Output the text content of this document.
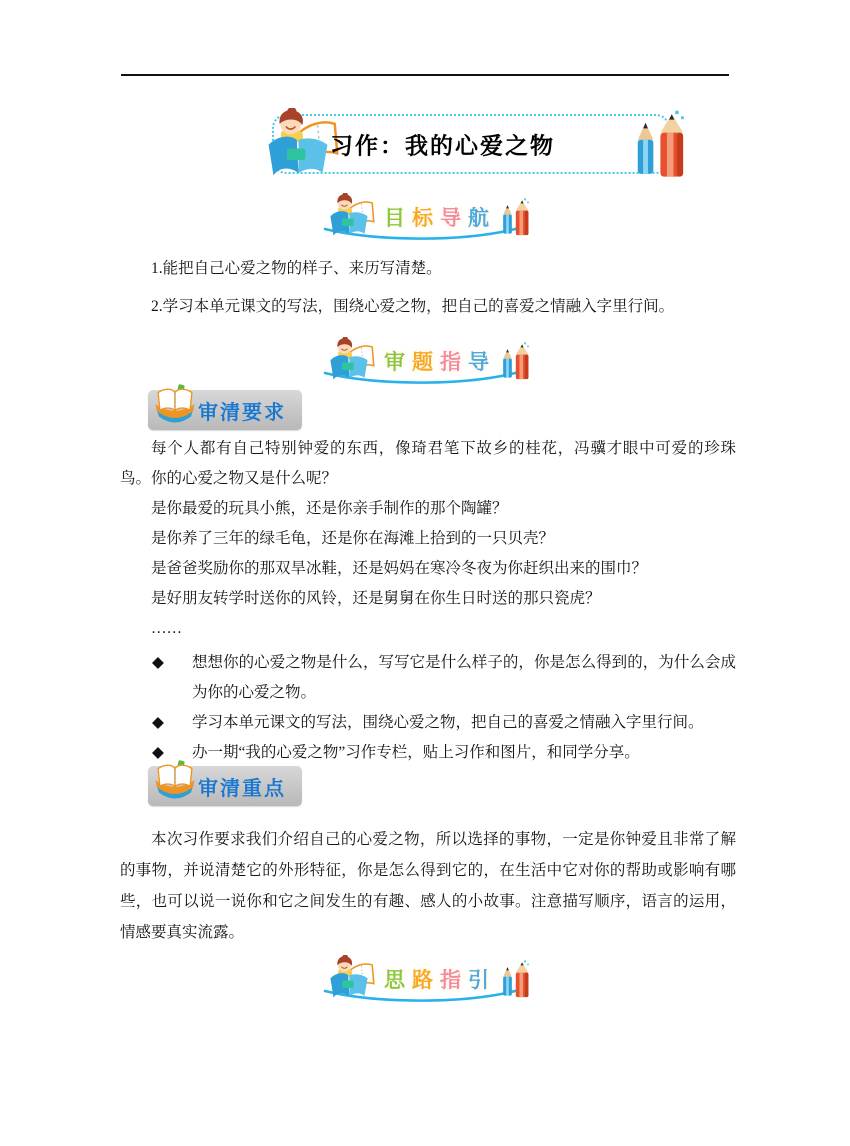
习作：我的心爱之物
目标导航

1.能把自己心爱之物的样子、来历写清楚。

2.学习本单元课文的写法，围绕心爱之物，把自己的喜爱之情融入字里行间。

审题指导
审清要求

每个人都有自己特别钟爱的东西，像琦君笔下故乡的桂花，冯骥才眼中可爱的珍珠鸟。你的心爱之物又是什么呢？

是你最爱的玩具小熊，还是你亲手制作的那个陶罐？

是你养了三年的绿毛龟，还是你在海滩上拾到的一只贝壳？

是爸爸奖励你的那双旱冰鞋，还是妈妈在寒冷冬夜为你赶织出来的围巾？

是好朋友转学时送你的风铃，还是舅舅在你生日时送的那只瓷虎？

……

◆ 想想你的心爱之物是什么，写写它是什么样子的，你是怎么得到的，为什么会成为你的心爱之物。

◆ 学习本单元课文的写法，围绕心爱之物，把自己的喜爱之情融入字里行间。

◆ 办一期“我的心爱之物”习作专栏，贴上习作和图片，和同学分享。

审清重点

本次习作要求我们介绍自己的心爱之物，所以选择的事物，一定是你钟爱且非常了解的事物，并说清楚它的外形特征，你是怎么得到它的，在生活中它对你的帮助或影响有哪些，也可以说一说你和它之间发生的有趣、感人的小故事。注意描写顺序，语言的运用，情感要真实流露。

思路指引
